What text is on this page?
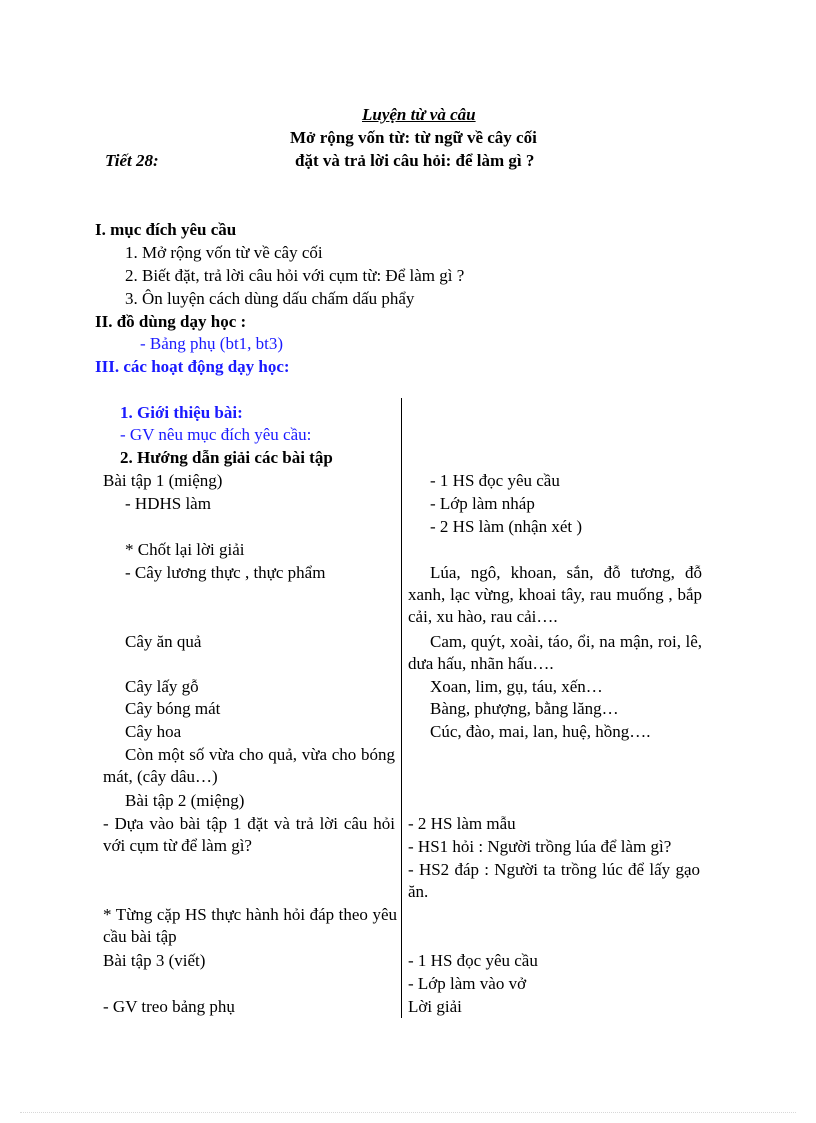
Luyện từ và câu
Mở rộng vốn từ: từ ngữ về cây cối
Tiết 28:	đặt và trả lời câu hỏi: để làm gì ?
I. mục đích yêu cầu
1. Mở rộng vốn từ về cây cối
2. Biết đặt, trả lời câu hỏi với cụm từ: Để làm gì ?
3. Ôn luyện cách dùng dấu chấm dấu phẩy
II. đồ dùng dạy học :
- Bảng phụ (bt1, bt3)
III. các hoạt động dạy học:
1. Giới thiệu bài:
- GV nêu mục đích yêu cầu:
2. Hướng dẫn giải các bài tập
Bài tập 1 (miệng)
- HDHS làm
* Chốt lại lời giải
- Cây lương thực , thực phẩm
Cây ăn quả
Cây lấy gỗ
Cây bóng mát
Cây hoa
Còn một số vừa cho quả, vừa cho bóng mát, (cây dâu…)
Bài tập 2 (miệng)
- Dựa vào bài tập 1 đặt và trả lời câu hỏi với cụm từ để làm gì?
* Từng cặp HS thực hành hỏi đáp theo yêu cầu bài tập
Bài tập 3 (viết)
- GV treo bảng phụ
- 1 HS đọc yêu cầu
- Lớp làm nháp
- 2 HS làm (nhận xét )
Lúa, ngô, khoan, sắn, đỗ tương, đỗ xanh, lạc vừng, khoai tây, rau muống , bắp cải, xu hào, rau cải….
Cam, quýt, xoài, táo, ổi, na mận, roi, lê, dưa hấu, nhãn hấu….
Xoan, lim, gụ, táu, xến…
Bàng, phượng, bằng lăng…
Cúc, đào, mai, lan, huệ, hồng….
- 2 HS làm mẫu
- HS1 hỏi : Người trồng lúa để làm gì?
- HS2 đáp : Người ta trồng lúc để lấy gạo ăn.
- 1 HS đọc yêu cầu
- Lớp làm vào vở
Lời giải
